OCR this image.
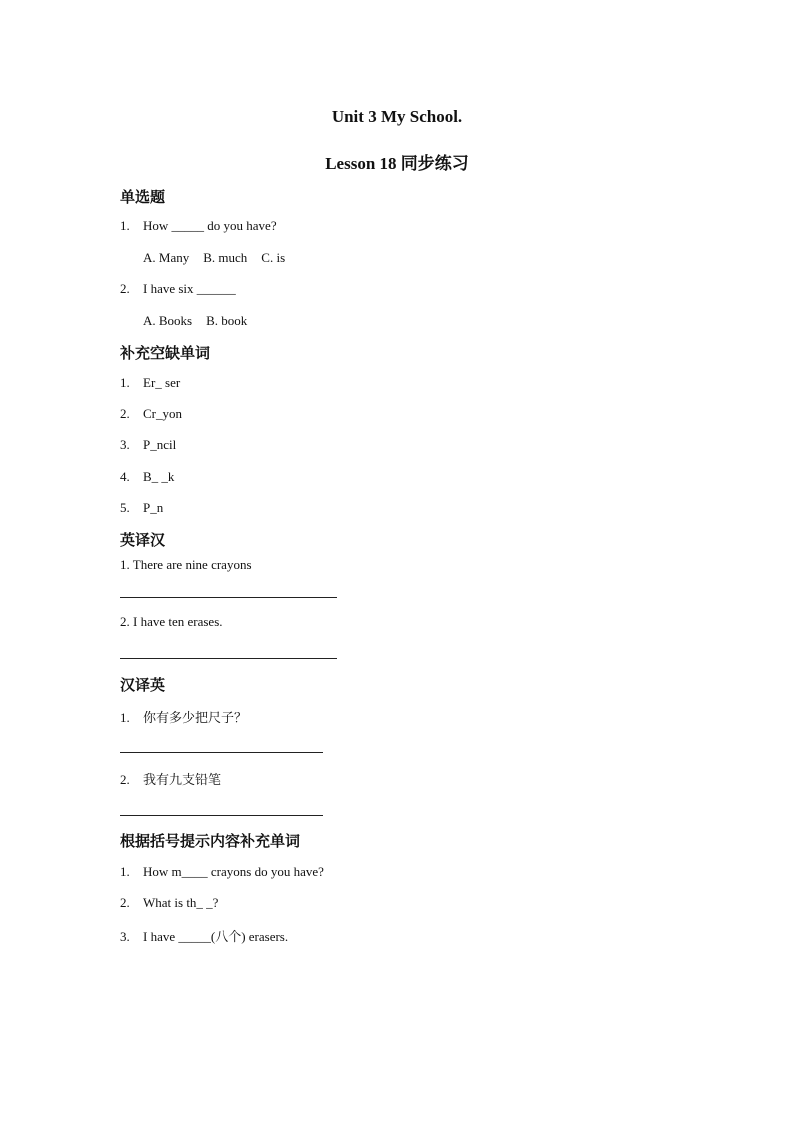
Unit 3 My School.
Lesson 18 同步练习
单选题
1. How _____ do you have?
A. Many B. much C. is
2. I have six ______
A. Books B. book
补充空缺单词
1. Er_ ser
2. Cr_yon
3. P_ncil
4. B_ _k
5. P_n
英译汉
1. There are nine crayons
2. I have ten erases.
汉译英
1. 你有多少把尺子？
2. 我有九支铅笔
根据括号提示内容补充单词
1. How m____ crayons do you have?
2. What is th_ _?
3. I have _____(八个) erasers.
